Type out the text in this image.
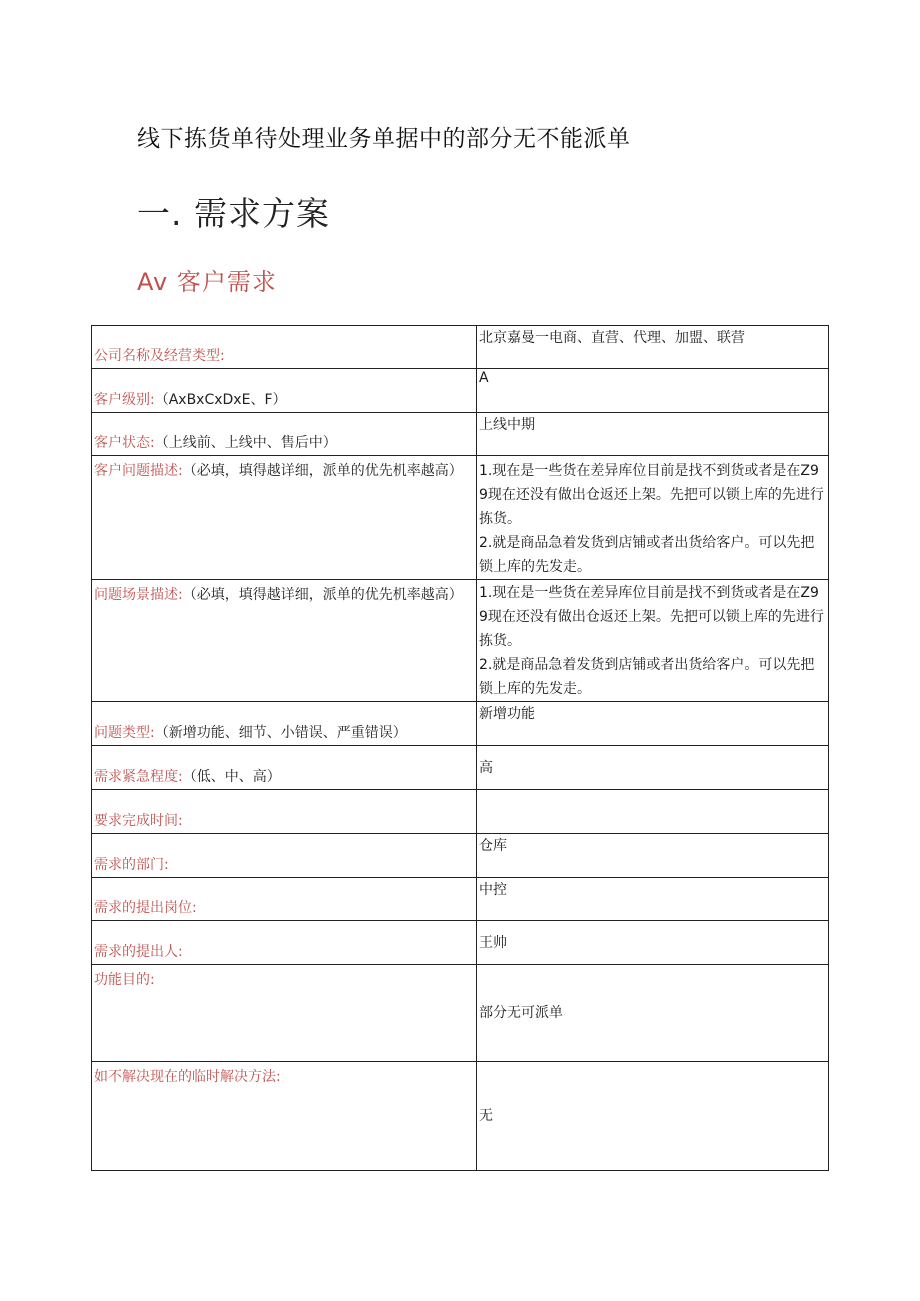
线下拣货单待处理业务单据中的部分无不能派单
一. 需求方案
Av 客户需求
公司名称及经营类型:	北京嘉曼一电商、直营、代理、加盟、联营

客户级别:（AxBxCxDxE、F）	A

客户状态:（上线前、上线中、售后中）	上线中期

客户问题描述:（必填，填得越详细，派单的优先机率越高）	1.现在是一些货在差异库位目前是找不到货或者是在Z99现在还没有做出仓返还上架。先把可以锁上库的先进行拣货。
2.就是商品急着发货到店铺或者出货给客户。可以先把锁上库的先发走。

问题场景描述:（必填，填得越详细，派单的优先机率越高）	1.现在是一些货在差异库位目前是找不到货或者是在Z99现在还没有做出仓返还上架。先把可以锁上库的先进行拣货。
2.就是商品急着发货到店铺或者出货给客户。可以先把锁上库的先发走。

问题类型:（新增功能、细节、小错误、严重错误）	新增功能

需求紧急程度:（低、中、高）	高

要求完成时间:	

需求的部门:	仓库

需求的提出岗位:	中控

需求的提出人:	王帅

功能目的:	部分无可派单

如不解决现在的临时解决方法:	无
